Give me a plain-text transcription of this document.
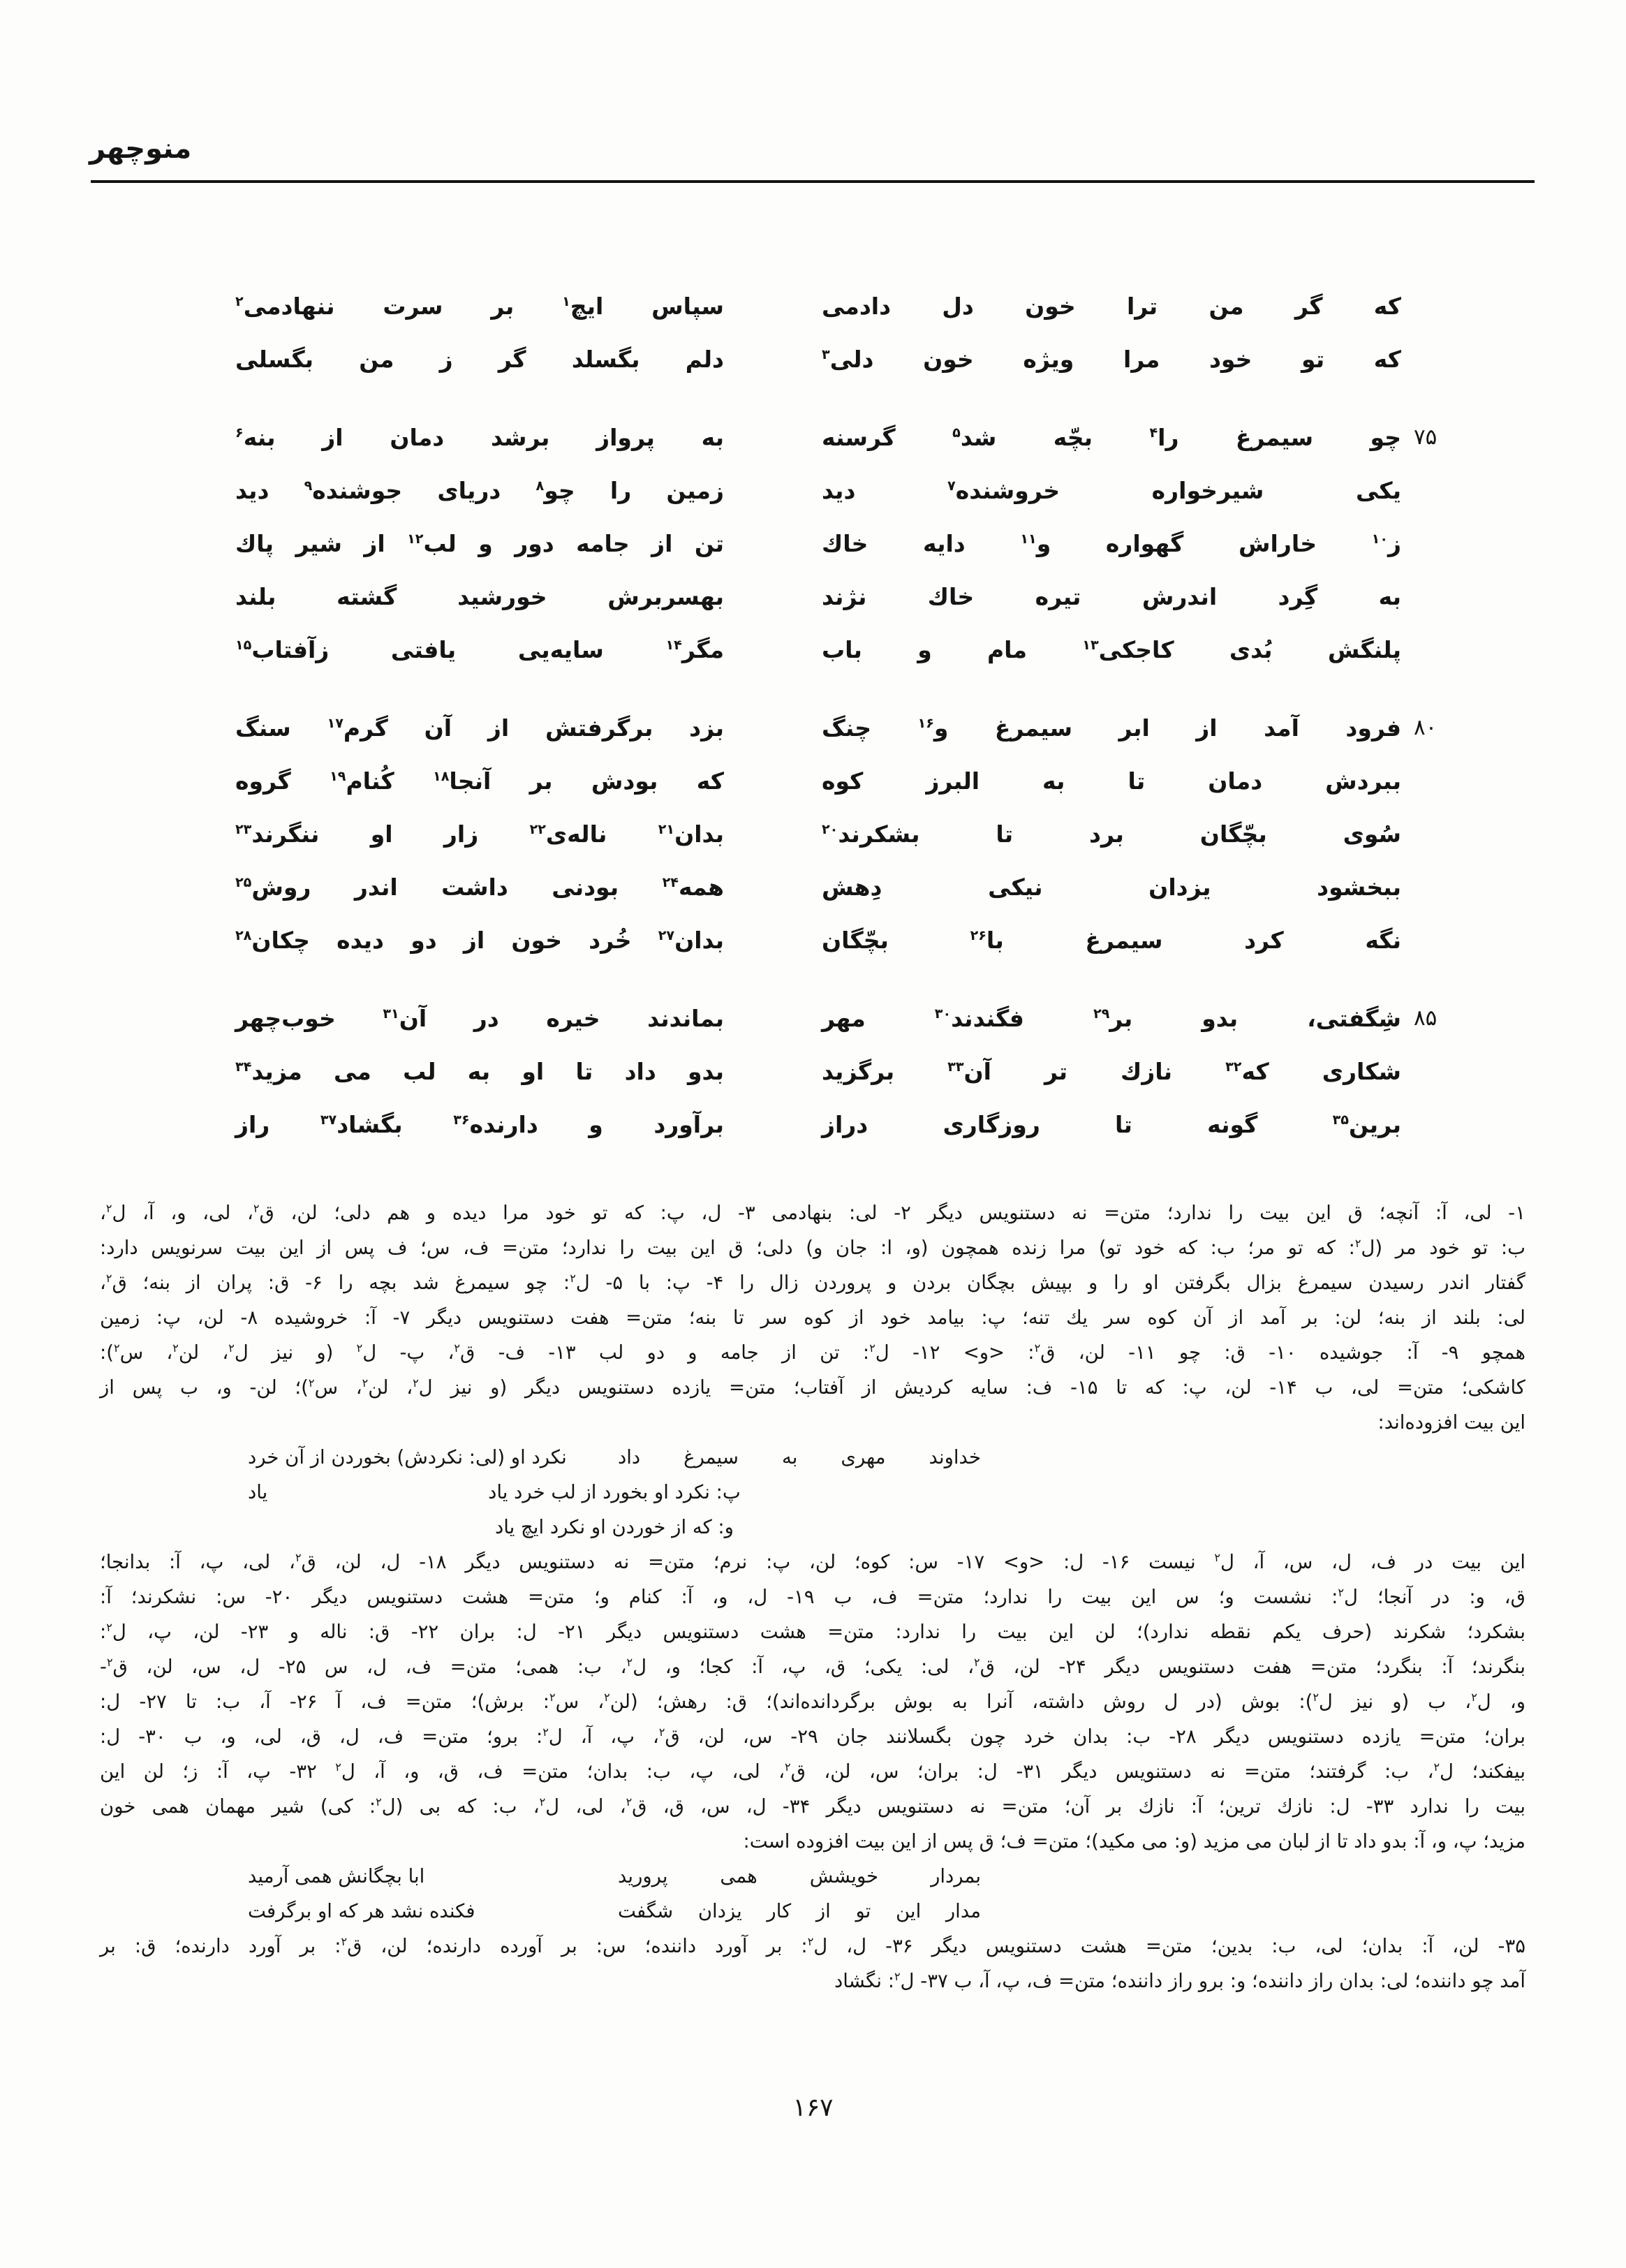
منوچهر
که گر من ترا خون دل دادمی
سپاس ایچ$^۱$ بر سرت ننهادمی$^۲$
که تو خود مرا ویژه خون دلی$^۳$
دلم بگسلد گر ز من بگسلی
۷۵
چو سیمرغ را$^۴$ بچّه شد$^۵$ گرسنه
به پرواز برشد دمان از بنه$^۶$
یکی شیرخواره خروشنده$^۷$ دید
زمین را چو$^۸$ دریای جوشنده$^۹$ دید
ز$^{۱۰}$ خاراش گهواره و$^{۱۱}$ دایه خاك
تن از جامه دور و لب$^{۱۲}$ از شیر پاك
به گِرد اندرش تیره خاك نژند
بهسربرش خورشید گشته بلند
پلنگش بُدی کاجکی$^{۱۳}$ مام و باب
مگر$^{۱۴}$ سایه‌یی یافتی زآفتاب$^{۱۵}$
۸۰
فرود آمد از ابر سیمرغ و$^{۱۶}$ چنگ
بزد برگرفتش از آن گرم$^{۱۷}$ سنگ
ببردش دمان تا به البرز کوه
که بودش بر آنجا$^{۱۸}$ کُنام$^{۱۹}$ گروه
سُوی بچّگان برد تا بشکرند$^{۲۰}$
بدان$^{۲۱}$ ناله‌ی$^{۲۲}$ زار او ننگرند$^{۲۳}$
ببخشود یزدان نیکی دِهش
همه$^{۲۴}$ بودنی داشت اندر روش$^{۲۵}$
نگه کرد سیمرغ با$^{۲۶}$ بچّگان
بدان$^{۲۷}$ خُرد خون از دو دیده چکان$^{۲۸}$
۸۵
شِگفتی، بدو بر$^{۲۹}$ فگندند$^{۳۰}$ مهر
بماندند خیره در آن$^{۳۱}$ خوب‌چهر
شکاری که$^{۳۲}$ نازك تر آن$^{۳۳}$ برگزید
بدو داد تا او به لب می مزید$^{۳۴}$
برین$^{۳۵}$ گونه تا روزگاری دراز
برآورد و دارنده$^{۳۶}$ بگشاد$^{۳۷}$ راز
۱- لی، آ: آنچه؛ ق این بیت را ندارد؛ متن= نه دستنویس دیگر ۲- لی: بنهادمی ۳- ل، پ: که تو خود مرا دیده و هم دلی؛ لن، ق$^۲$، لی، و، آ، ل$^۲$،
ب: تو خود مر (ل$^۲$: که تو مر؛ ب: که خود تو) مرا زنده همچون (و، ا: جان و) دلی؛ ق این بیت را ندارد؛ متن= ف، س؛ ف پس از این بیت سرنویس دارد:
گفتار اندر رسیدن سیمرغ بزال بگرفتن او را و بپیش بچگان بردن و پروردن زال را ۴- پ: با ۵- ل$^۲$: چو سیمرغ شد بچه را ۶- ق: پران از بنه؛ ق$^۲$،
لی: بلند از بنه؛ لن: بر آمد از آن کوه سر یك تنه؛ پ: بیامد خود از کوه سر تا بنه؛ متن= هفت دستنویس دیگر ۷- آ: خروشیده ۸- لن، پ: زمین
همچو ۹- آ: جوشیده ۱۰- ق: چو ۱۱- لن، ق$^۲$: <و> ۱۲- ل$^۲$: تن از جامه و دو لب ۱۳- ف- ق$^۲$، پ- ل$^۲$ (و نیز ل$^۲$، لن$^۲$، س$^۲$):
کاشکی؛ متن= لی، ب ۱۴- لن، پ: که تا ۱۵- ف: سایه کردیش از آفتاب؛ متن= یازده دستنویس دیگر (و نیز ل$^۲$، لن$^۲$، س$^۲$)؛ لن- و، ب پس از
این بیت افزوده‌اند:
خداوند مهری به سیمرغ داد
نکرد او (لی: نکردش) بخوردن از آن خرد یاد	پ: نکرد او بخورد از لب خرد یاد
و: که از خوردن او نکرد ایچ یاد
این بیت در ف، ل، س، آ، ل$^۲$ نیست ۱۶- ل: <و> ۱۷- س: کوه؛ لن، پ: نرم؛ متن= نه دستنویس دیگر ۱۸- ل، لن، ق$^۲$، لی، پ، آ: بدانجا؛
ق، و: در آنجا؛ ل$^۲$: نشست و؛ س این بیت را ندارد؛ متن= ف، ب ۱۹- ل، و، آ: کنام و؛ متن= هشت دستنویس دیگر ۲۰- س: نشکرند؛ آ:
بشکرد؛ شکرند (حرف یکم نقطه ندارد)؛ لن این بیت را ندارد: متن= هشت دستنویس دیگر ۲۱- ل: بران ۲۲- ق: ناله و ۲۳- لن، پ، ل$^۲$:
بنگرند؛ آ: بنگرد؛ متن= هفت دستنویس دیگر ۲۴- لن، ق$^۲$، لی: یکی؛ ق، پ، آ: کجا؛ و، ل$^۲$، ب: همی؛ متن= ف، ل، س ۲۵- ل، س، لن، ق$^۲$-
و، ل$^۲$، ب (و نیز ل$^۲$): بوش (در ل روش داشته، آنرا به بوش برگردانده‌اند)؛ ق: رهش؛ (لن$^۲$، س$^۲$: برش)؛ متن= ف، آ ۲۶- آ، ب: تا ۲۷- ل:
بران؛ متن= یازده دستنویس دیگر ۲۸- ب: بدان خرد چون بگسلانند جان ۲۹- س، لن، ق$^۲$، پ، آ، ل$^۲$: برو؛ متن= ف، ل، ق، لی، و، ب ۳۰- ل:
بیفکند؛ ل$^۲$، ب: گرفتند؛ متن= نه دستنویس دیگر ۳۱- ل: بران؛ س، لن، ق$^۲$، لی، پ، ب: بدان؛ متن= ف، ق، و، آ، ل$^۲$ ۳۲- پ، آ: ز؛ لن این
بیت را ندارد ۳۳- ل: نازك ترین؛ آ: نازك بر آن؛ متن= نه دستنویس دیگر ۳۴- ل، س، ق، ق$^۲$، لی، ل$^۲$، ب: که بی (ل$^۲$: کی) شیر مهمان همی خون
مزید؛ پ، و، آ: بدو داد تا از لبان می مزید (و: می مکید)؛ متن= ف؛ ق پس از این بیت افزوده است:
بمردار خویشش همی پرورید
ابا بچگانش همی آرمید
مدار این تو از کار یزدان شگفت
فکنده نشد هر که او برگرفت
۳۵- لن، آ: بدان؛ لی، ب: بدین؛ متن= هشت دستنویس دیگر ۳۶- ل، ل$^۲$: بر آورد داننده؛ س: بر آورده دارنده؛ لن، ق$^۲$: بر آورد دارنده؛ ق: بر
آمد چو داننده؛ لی: بدان راز داننده؛ و: برو راز داننده؛ متن= ف، پ، آ، ب ۳۷- ل$^۲$: نگشاد
۱۶۷
